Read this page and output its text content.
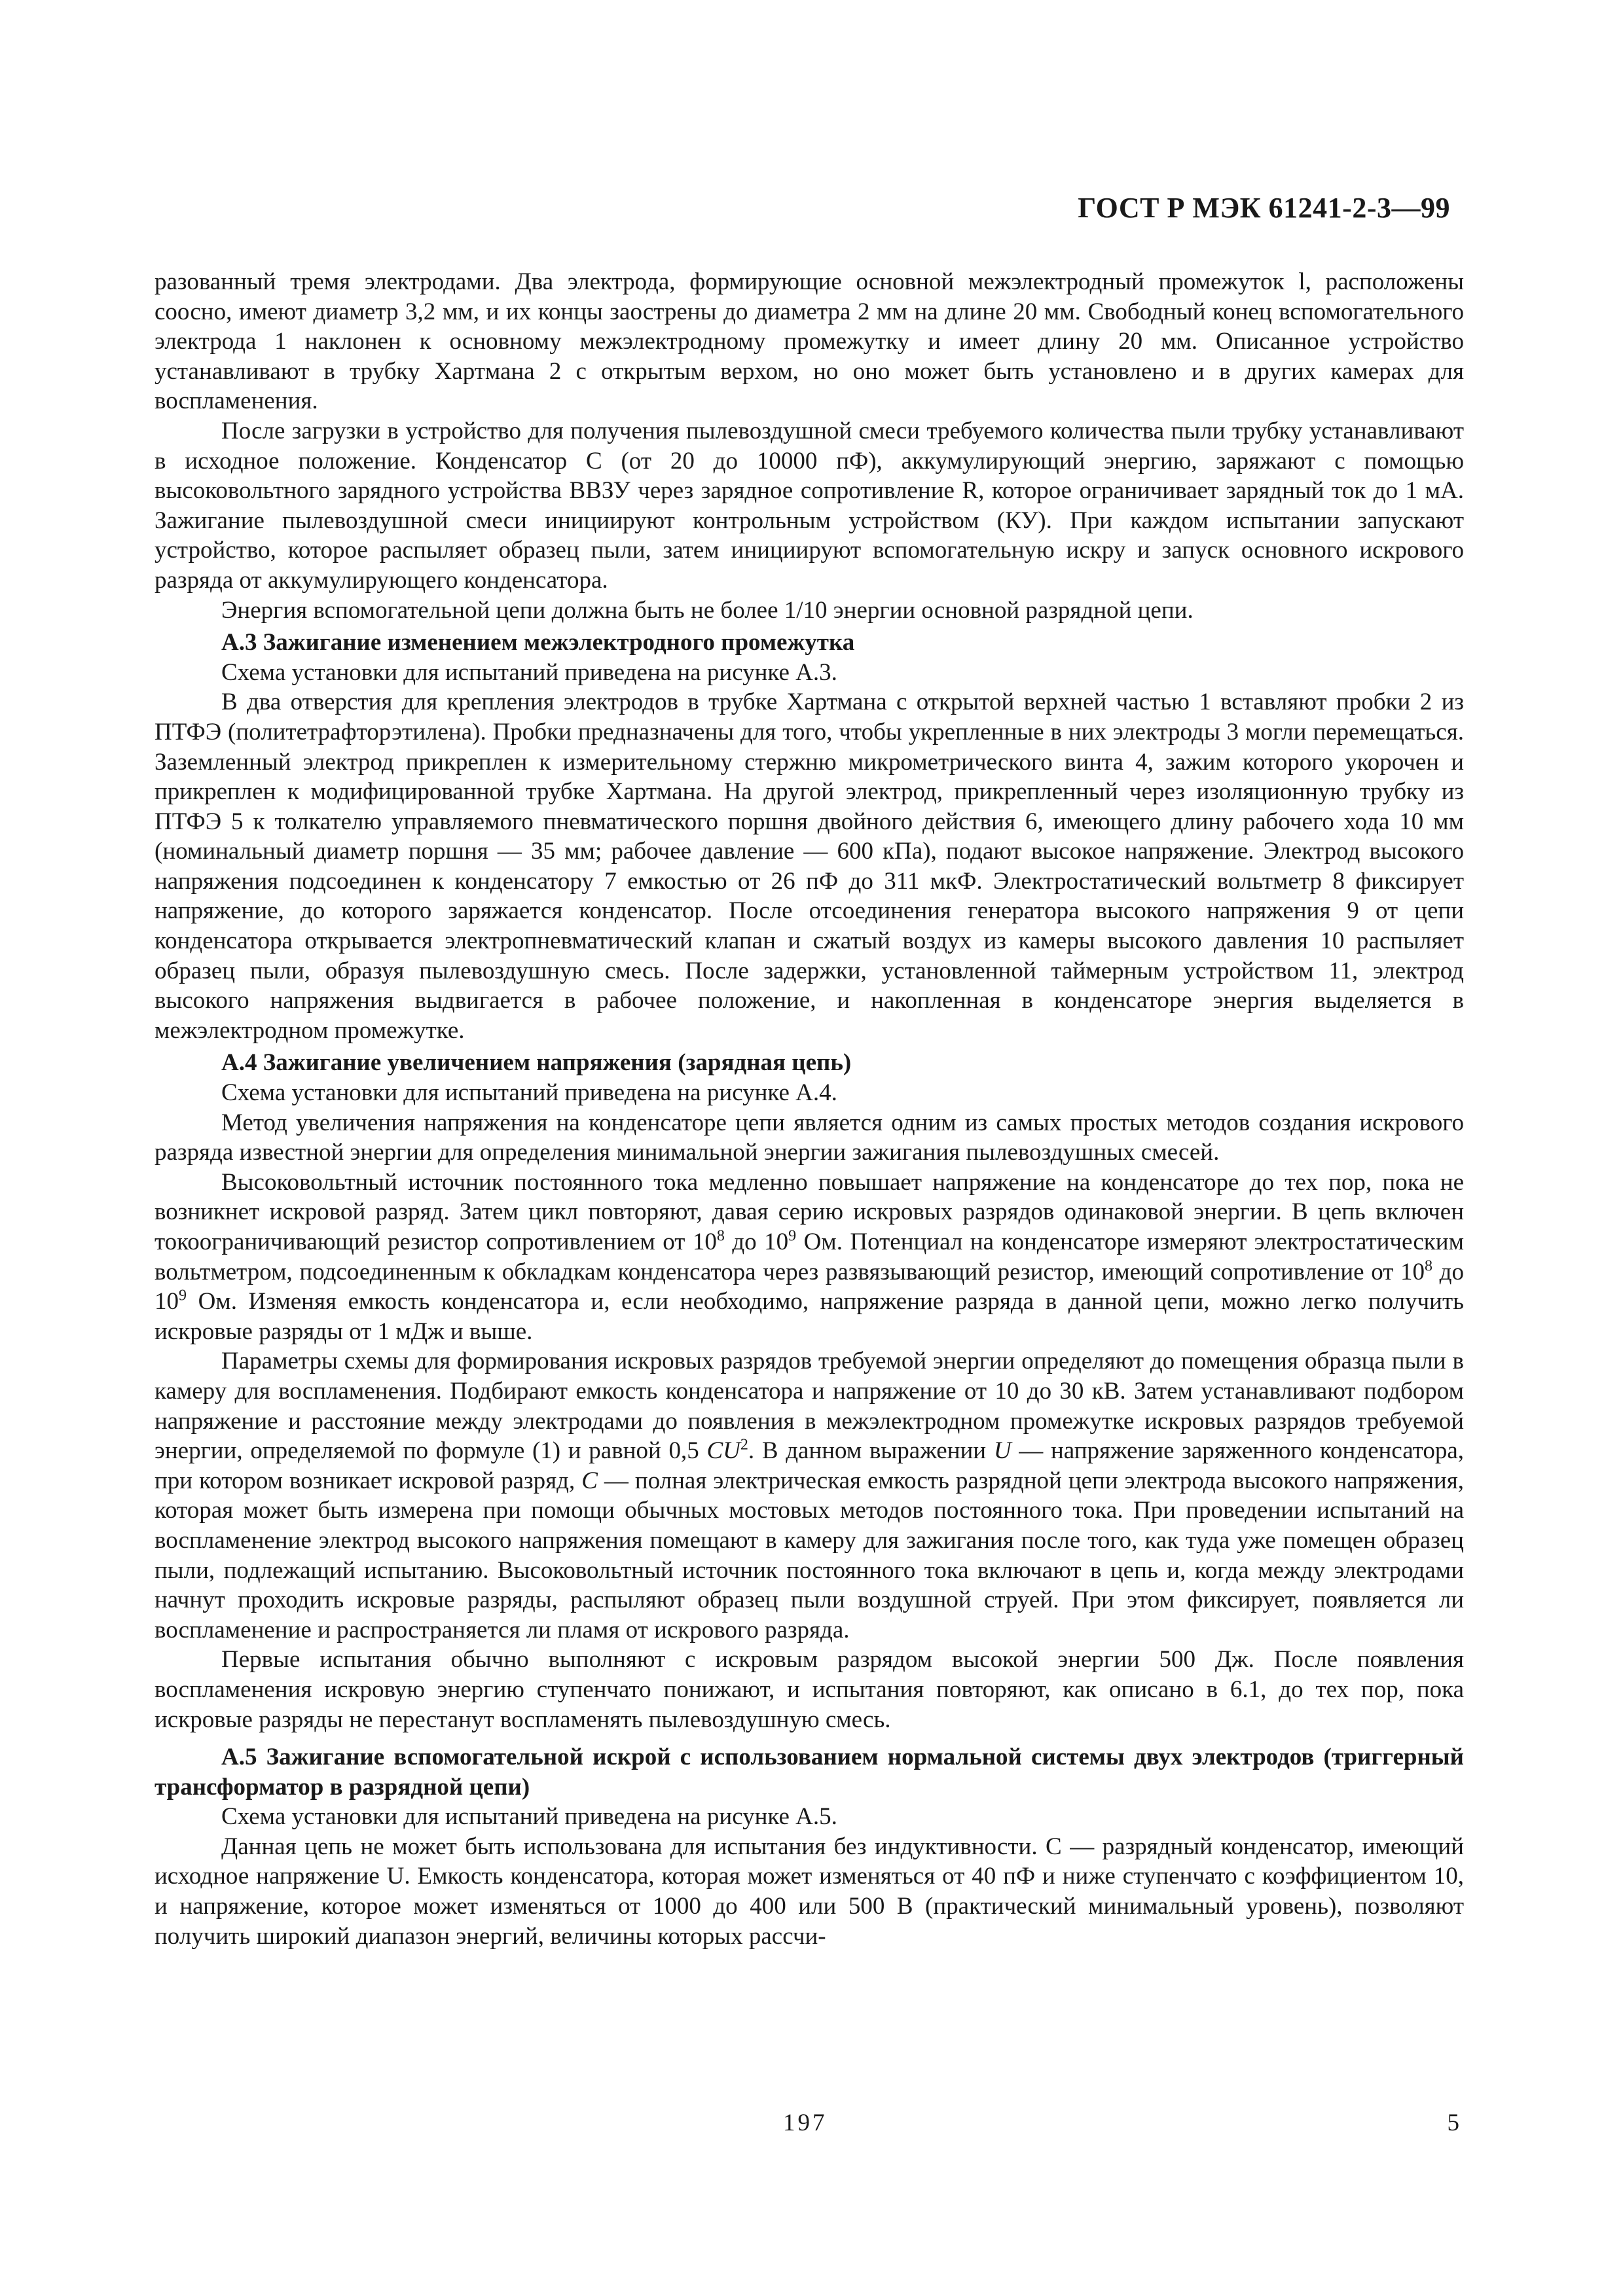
ГОСТ Р МЭК 61241-2-3—99

разованный тремя электродами. Два электрода, формирующие основной межэлектродный промежуток l, расположены соосно, имеют диаметр 3,2 мм, и их концы заострены до диаметра 2 мм на длине 20 мм. Свободный конец вспомогательного электрода 1 наклонен к основному межэлектродному промежутку и имеет длину 20 мм. Описанное устройство устанавливают в трубку Хартмана 2 с открытым верхом, но оно может быть установлено и в других камерах для воспламенения.

После загрузки в устройство для получения пылевоздушной смеси требуемого количества пыли трубку устанавливают в исходное положение. Конденсатор С (от 20 до 10000 пФ), аккумулирующий энергию, заряжают с помощью высоковольтного зарядного устройства ВВЗУ через зарядное сопротивление R, которое ограничивает зарядный ток до 1 мА. Зажигание пылевоздушной смеси инициируют контрольным устройством (КУ). При каждом испытании запускают устройство, которое распыляет образец пыли, затем инициируют вспомогательную искру и запуск основного искрового разряда от аккумулирующего конденсатора.

Энергия вспомогательной цепи должна быть не более 1/10 энергии основной разрядной цепи.

А.3 Зажигание изменением межэлектродного промежутка

Схема установки для испытаний приведена на рисунке А.3.

В два отверстия для крепления электродов в трубке Хартмана с открытой верхней частью 1 вставляют пробки 2 из ПТФЭ (политетрафторэтилена). Пробки предназначены для того, чтобы укрепленные в них электроды 3 могли перемещаться. Заземленный электрод прикреплен к измерительному стержню микрометрического винта 4, зажим которого укорочен и прикреплен к модифицированной трубке Хартмана. На другой электрод, прикрепленный через изоляционную трубку из ПТФЭ 5 к толкателю управляемого пневматического поршня двойного действия 6, имеющего длину рабочего хода 10 мм (номинальный диаметр поршня — 35 мм; рабочее давление — 600 кПа), подают высокое напряжение. Электрод высокого напряжения подсоединен к конденсатору 7 емкостью от 26 пФ до 311 мкФ. Электростатический вольтметр 8 фиксирует напряжение, до которого заряжается конденсатор. После отсоединения генератора высокого напряжения 9 от цепи конденсатора открывается электропневматический клапан и сжатый воздух из камеры высокого давления 10 распыляет образец пыли, образуя пылевоздушную смесь. После задержки, установленной таймерным устройством 11, электрод высокого напряжения выдвигается в рабочее положение, и накопленная в конденсаторе энергия выделяется в межэлектродном промежутке.

А.4 Зажигание увеличением напряжения (зарядная цепь)

Схема установки для испытаний приведена на рисунке А.4.

Метод увеличения напряжения на конденсаторе цепи является одним из самых простых методов создания искрового разряда известной энергии для определения минимальной энергии зажигания пылевоздушных смесей.

Высоковольтный источник постоянного тока медленно повышает напряжение на конденсаторе до тех пор, пока не возникнет искровой разряд. Затем цикл повторяют, давая серию искровых разрядов одинаковой энергии. В цепь включен токоограничивающий резистор сопротивлением от $10^8$ до $10^9$ Ом. Потенциал на конденсаторе измеряют электростатическим вольтметром, подсоединенным к обкладкам конденсатора через развязывающий резистор, имеющий сопротивление от $10^8$ до $10^9$ Ом. Изменяя емкость конденсатора и, если необходимо, напряжение разряда в данной цепи, можно легко получить искровые разряды от 1 мДж и выше.

Параметры схемы для формирования искровых разрядов требуемой энергии определяют до помещения образца пыли в камеру для воспламенения. Подбирают емкость конденсатора и напряжение от 10 до 30 кВ. Затем устанавливают подбором напряжение и расстояние между электродами до появления в межэлектродном промежутке искровых разрядов требуемой энергии, определяемой по формуле (1) и равной 0,5 $CU^2$. В данном выражении U — напряжение заряженного конденсатора, при котором возникает искровой разряд, C — полная электрическая емкость разрядной цепи электрода высокого напряжения, которая может быть измерена при помощи обычных мостовых методов постоянного тока. При проведении испытаний на воспламенение электрод высокого напряжения помещают в камеру для зажигания после того, как туда уже помещен образец пыли, подлежащий испытанию. Высоковольтный источник постоянного тока включают в цепь и, когда между электродами начнут проходить искровые разряды, распыляют образец пыли воздушной струей. При этом фиксирует, появляется ли воспламенение и распространяется ли пламя от искрового разряда.

Первые испытания обычно выполняют с искровым разрядом высокой энергии 500 Дж. После появления воспламенения искровую энергию ступенчато понижают, и испытания повторяют, как описано в 6.1, до тех пор, пока искровые разряды не перестанут воспламенять пылевоздушную смесь.

А.5 Зажигание вспомогательной искрой с использованием нормальной системы двух электродов (триггерный трансформатор в разрядной цепи)

Схема установки для испытаний приведена на рисунке А.5.

Данная цепь не может быть использована для испытания без индуктивности. С — разрядный конденсатор, имеющий исходное напряжение U. Емкость конденсатора, которая может изменяться от 40 пФ и ниже ступенчато с коэффициентом 10, и напряжение, которое может изменяться от 1000 до 400 или 500 В (практический минимальный уровень), позволяют получить широкий диапазон энергий, величины которых рассчи-

197	5
